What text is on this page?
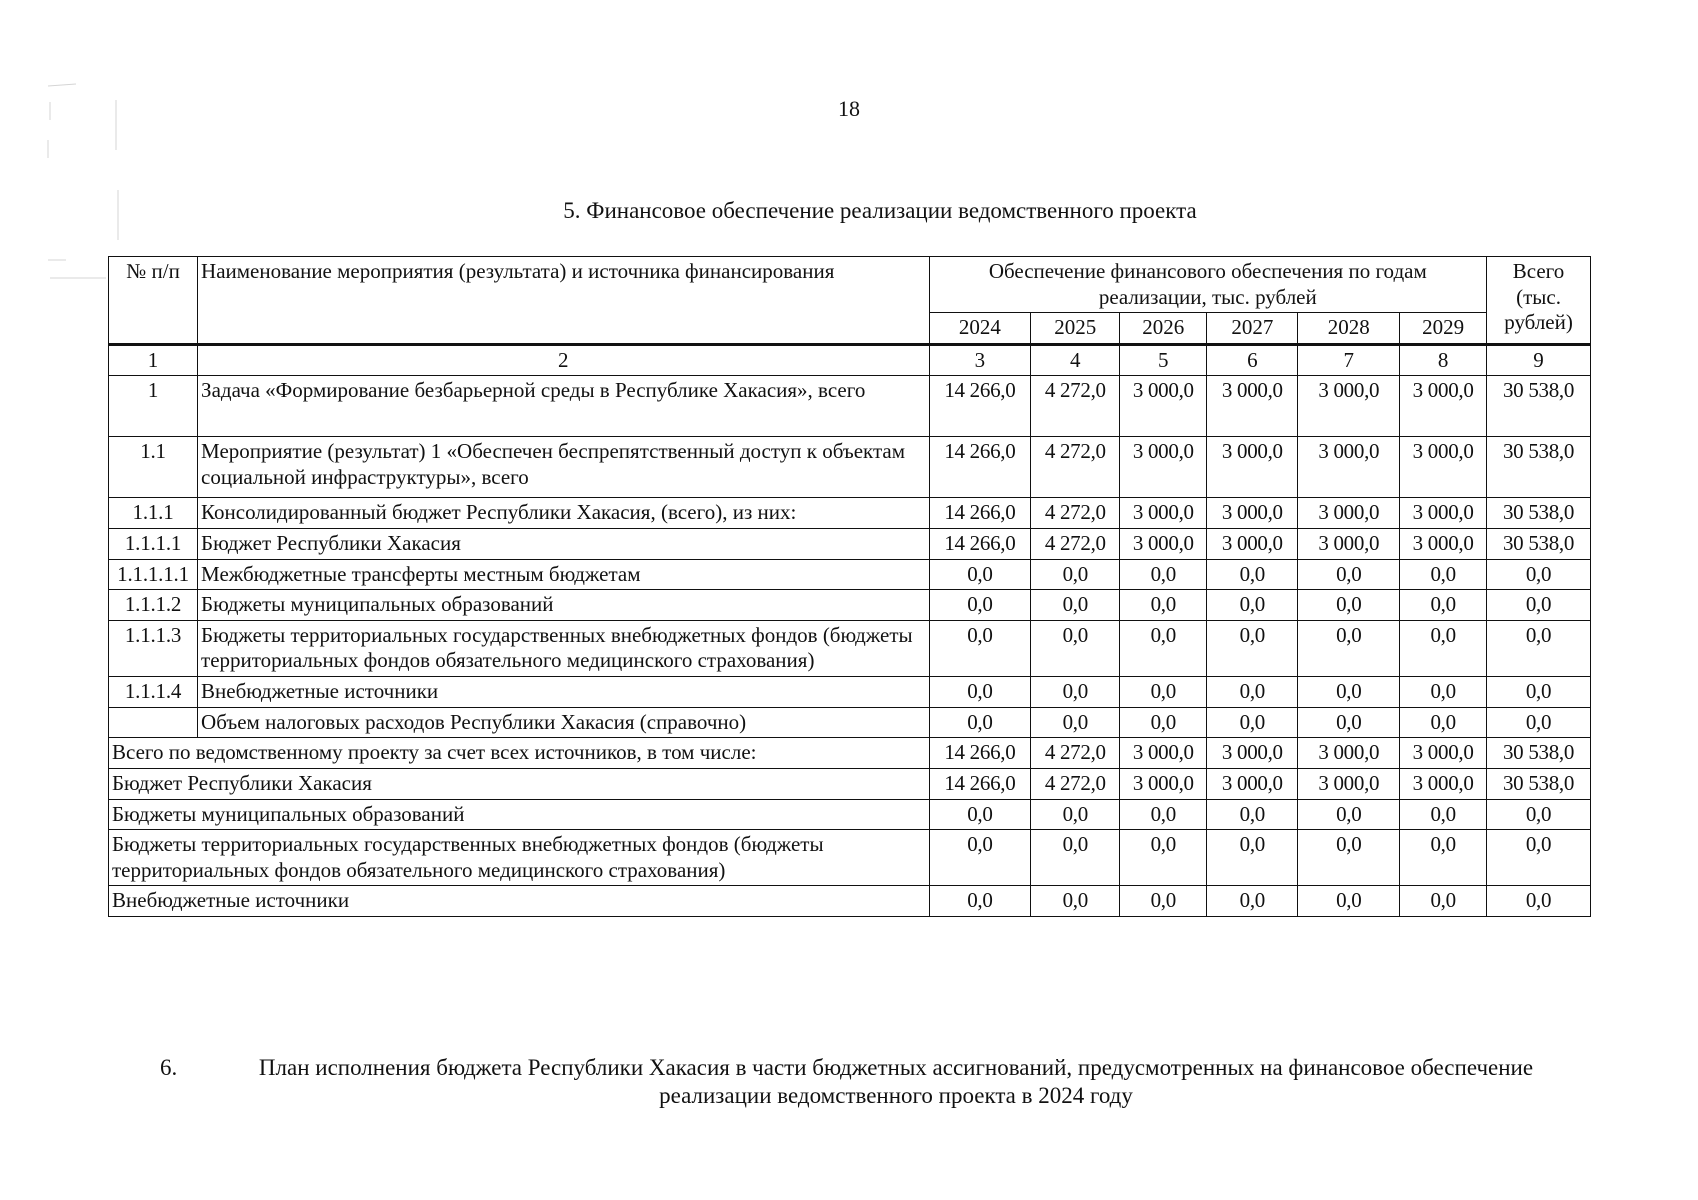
18
5. Финансовое обеспечение реализации ведомственного проекта
№ п/п	Наименование мероприятия (результата) и источника финансирования	Обеспечение финансового обеспечения по годам реализации, тыс. рублей						Всего (тыс. рублей)
		2024	2025	2026	2027	2028	2029	
1	2	3	4	5	6	7	8	9
1	Задача «Формирование безбарьерной среды в Республике Хакасия», всего	14 266,0	4 272,0	3 000,0	3 000,0	3 000,0	3 000,0	30 538,0
1.1	Мероприятие (результат) 1 «Обеспечен беспрепятственный доступ к объектам социальной инфраструктуры», всего	14 266,0	4 272,0	3 000,0	3 000,0	3 000,0	3 000,0	30 538,0
1.1.1	Консолидированный бюджет Республики Хакасия, (всего), из них:	14 266,0	4 272,0	3 000,0	3 000,0	3 000,0	3 000,0	30 538,0
1.1.1.1	Бюджет Республики Хакасия	14 266,0	4 272,0	3 000,0	3 000,0	3 000,0	3 000,0	30 538,0
1.1.1.1.1	Межбюджетные трансферты местным бюджетам	0,0	0,0	0,0	0,0	0,0	0,0	0,0
1.1.1.2	Бюджеты муниципальных образований	0,0	0,0	0,0	0,0	0,0	0,0	0,0
1.1.1.3	Бюджеты территориальных государственных внебюджетных фондов (бюджеты территориальных фондов обязательного медицинского страхования)	0,0	0,0	0,0	0,0	0,0	0,0	0,0
1.1.1.4	Внебюджетные источники	0,0	0,0	0,0	0,0	0,0	0,0	0,0
	Объем налоговых расходов Республики Хакасия (справочно)	0,0	0,0	0,0	0,0	0,0	0,0	0,0
Всего по ведомственному проекту за счет всех источников, в том числе:		14 266,0	4 272,0	3 000,0	3 000,0	3 000,0	3 000,0	30 538,0
Бюджет Республики Хакасия		14 266,0	4 272,0	3 000,0	3 000,0	3 000,0	3 000,0	30 538,0
Бюджеты муниципальных образований		0,0	0,0	0,0	0,0	0,0	0,0	0,0
Бюджеты территориальных государственных внебюджетных фондов (бюджеты территориальных фондов обязательного медицинского страхования)		0,0	0,0	0,0	0,0	0,0	0,0	0,0
Внебюджетные источники		0,0	0,0	0,0	0,0	0,0	0,0	0,0
6.	План исполнения бюджета Республики Хакасия в части бюджетных ассигнований, предусмотренных на финансовое обеспечение реализации ведомственного проекта в 2024 году
